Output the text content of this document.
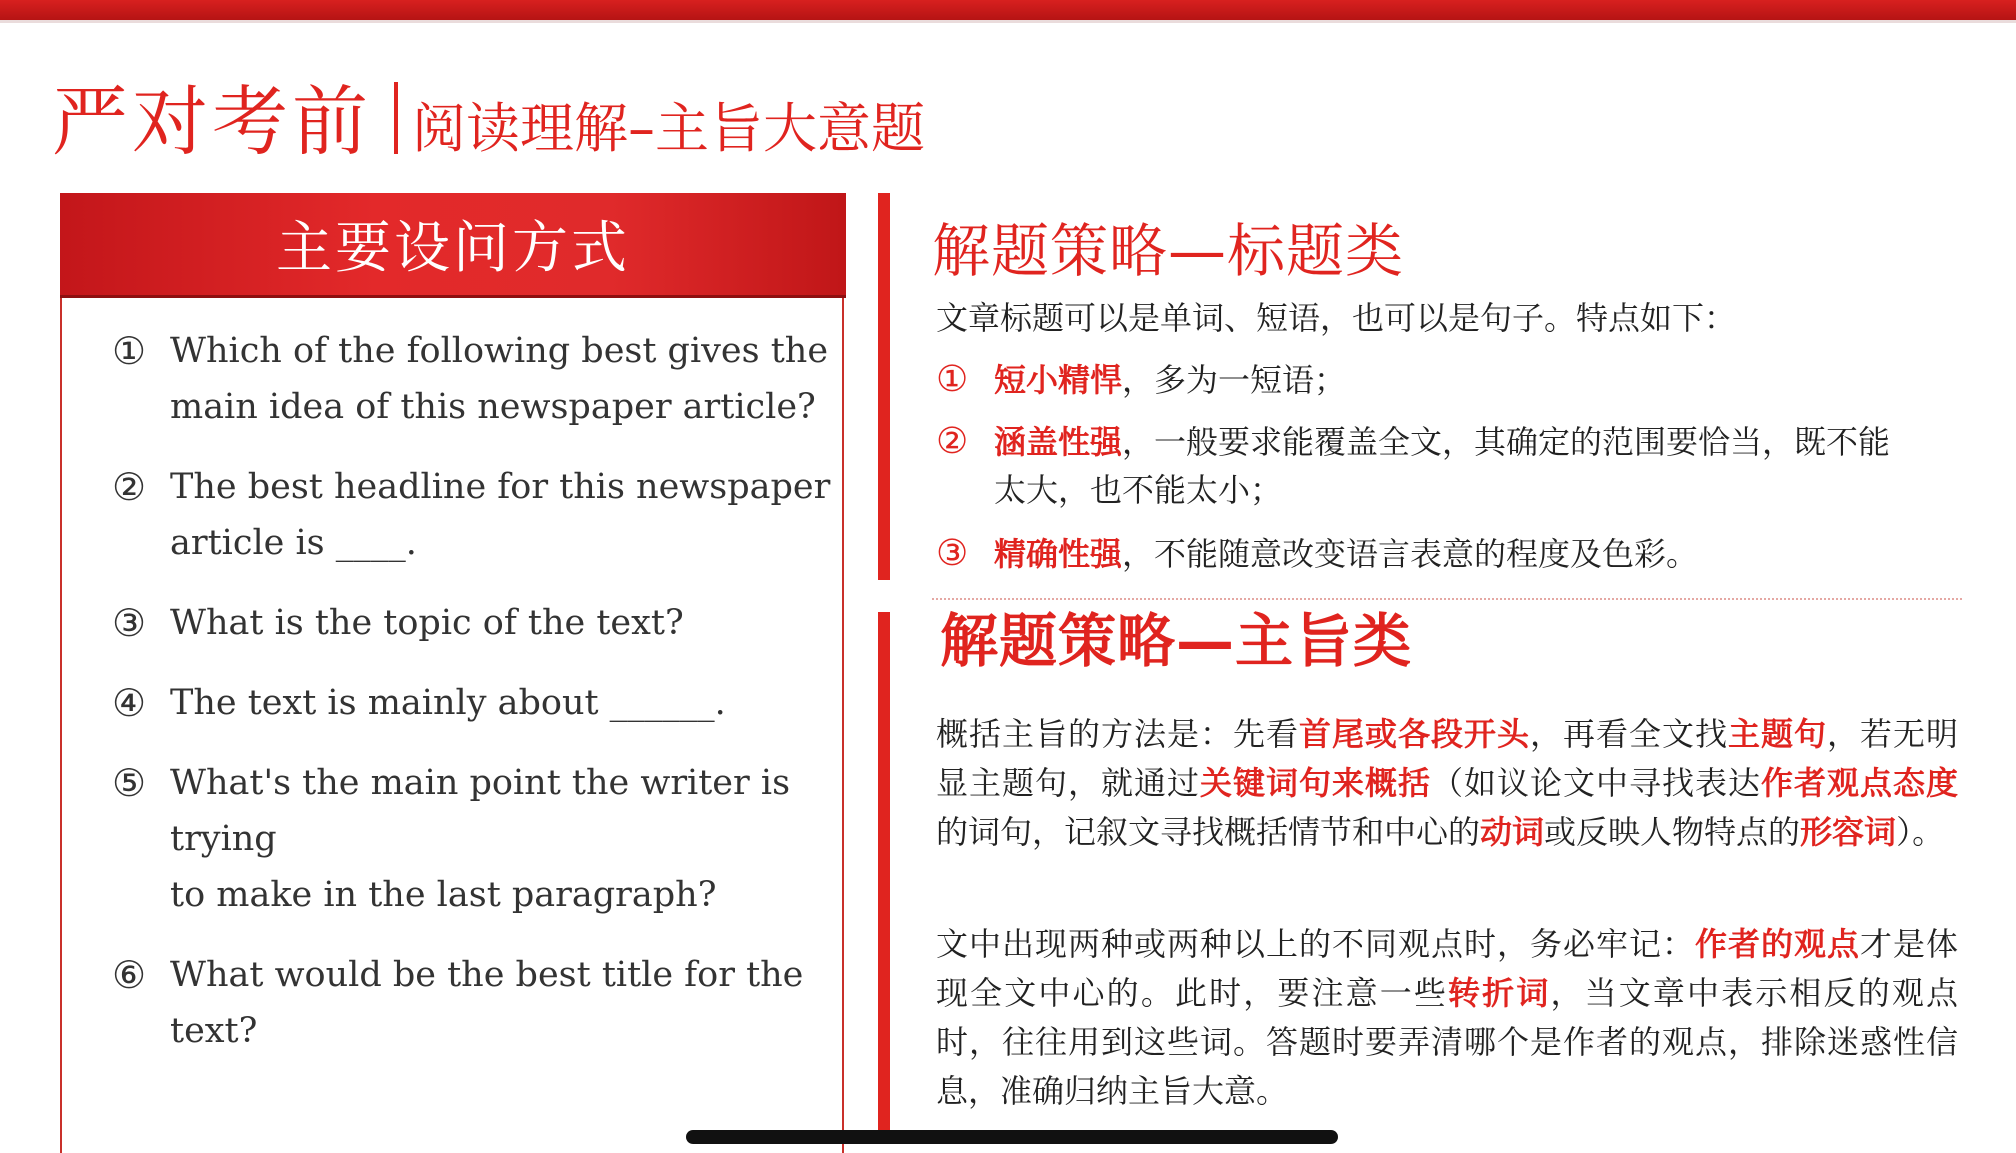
严对考前 阅读理解–主旨大意题
主要设问方式
① Which of the following best gives the
main idea of this newspaper article?
② The best headline for this newspaper
article is ____.
③ What is the topic of the text?
④ The text is mainly about ______.
⑤ What's the main point the writer is trying
to make in the last paragraph?
⑥ What would be the best title for the
text?
解题策略—标题类
文章标题可以是单词、短语，也可以是句子。特点如下：
① 短小精悍，多为一短语；
② 涵盖性强，一般要求能覆盖全文，其确定的范围要恰当，既不能
太大，也不能太小；
③ 精确性强，不能随意改变语言表意的程度及色彩。
解题策略—主旨类
概括主旨的方法是：先看首尾或各段开头，再看全文找主题句，若无明显主题句，就通过关键词句来概括（如议论文中寻找表达作者观点态度的词句，记叙文寻找概括情节和中心的动词或反映人物特点的形容词）。
文中出现两种或两种以上的不同观点时，务必牢记：作者的观点才是体现全文中心的。此时，要注意一些转折词，当文章中表示相反的观点时，往往用到这些词。答题时要弄清哪个是作者的观点，排除迷惑性信息，准确归纳主旨大意。
